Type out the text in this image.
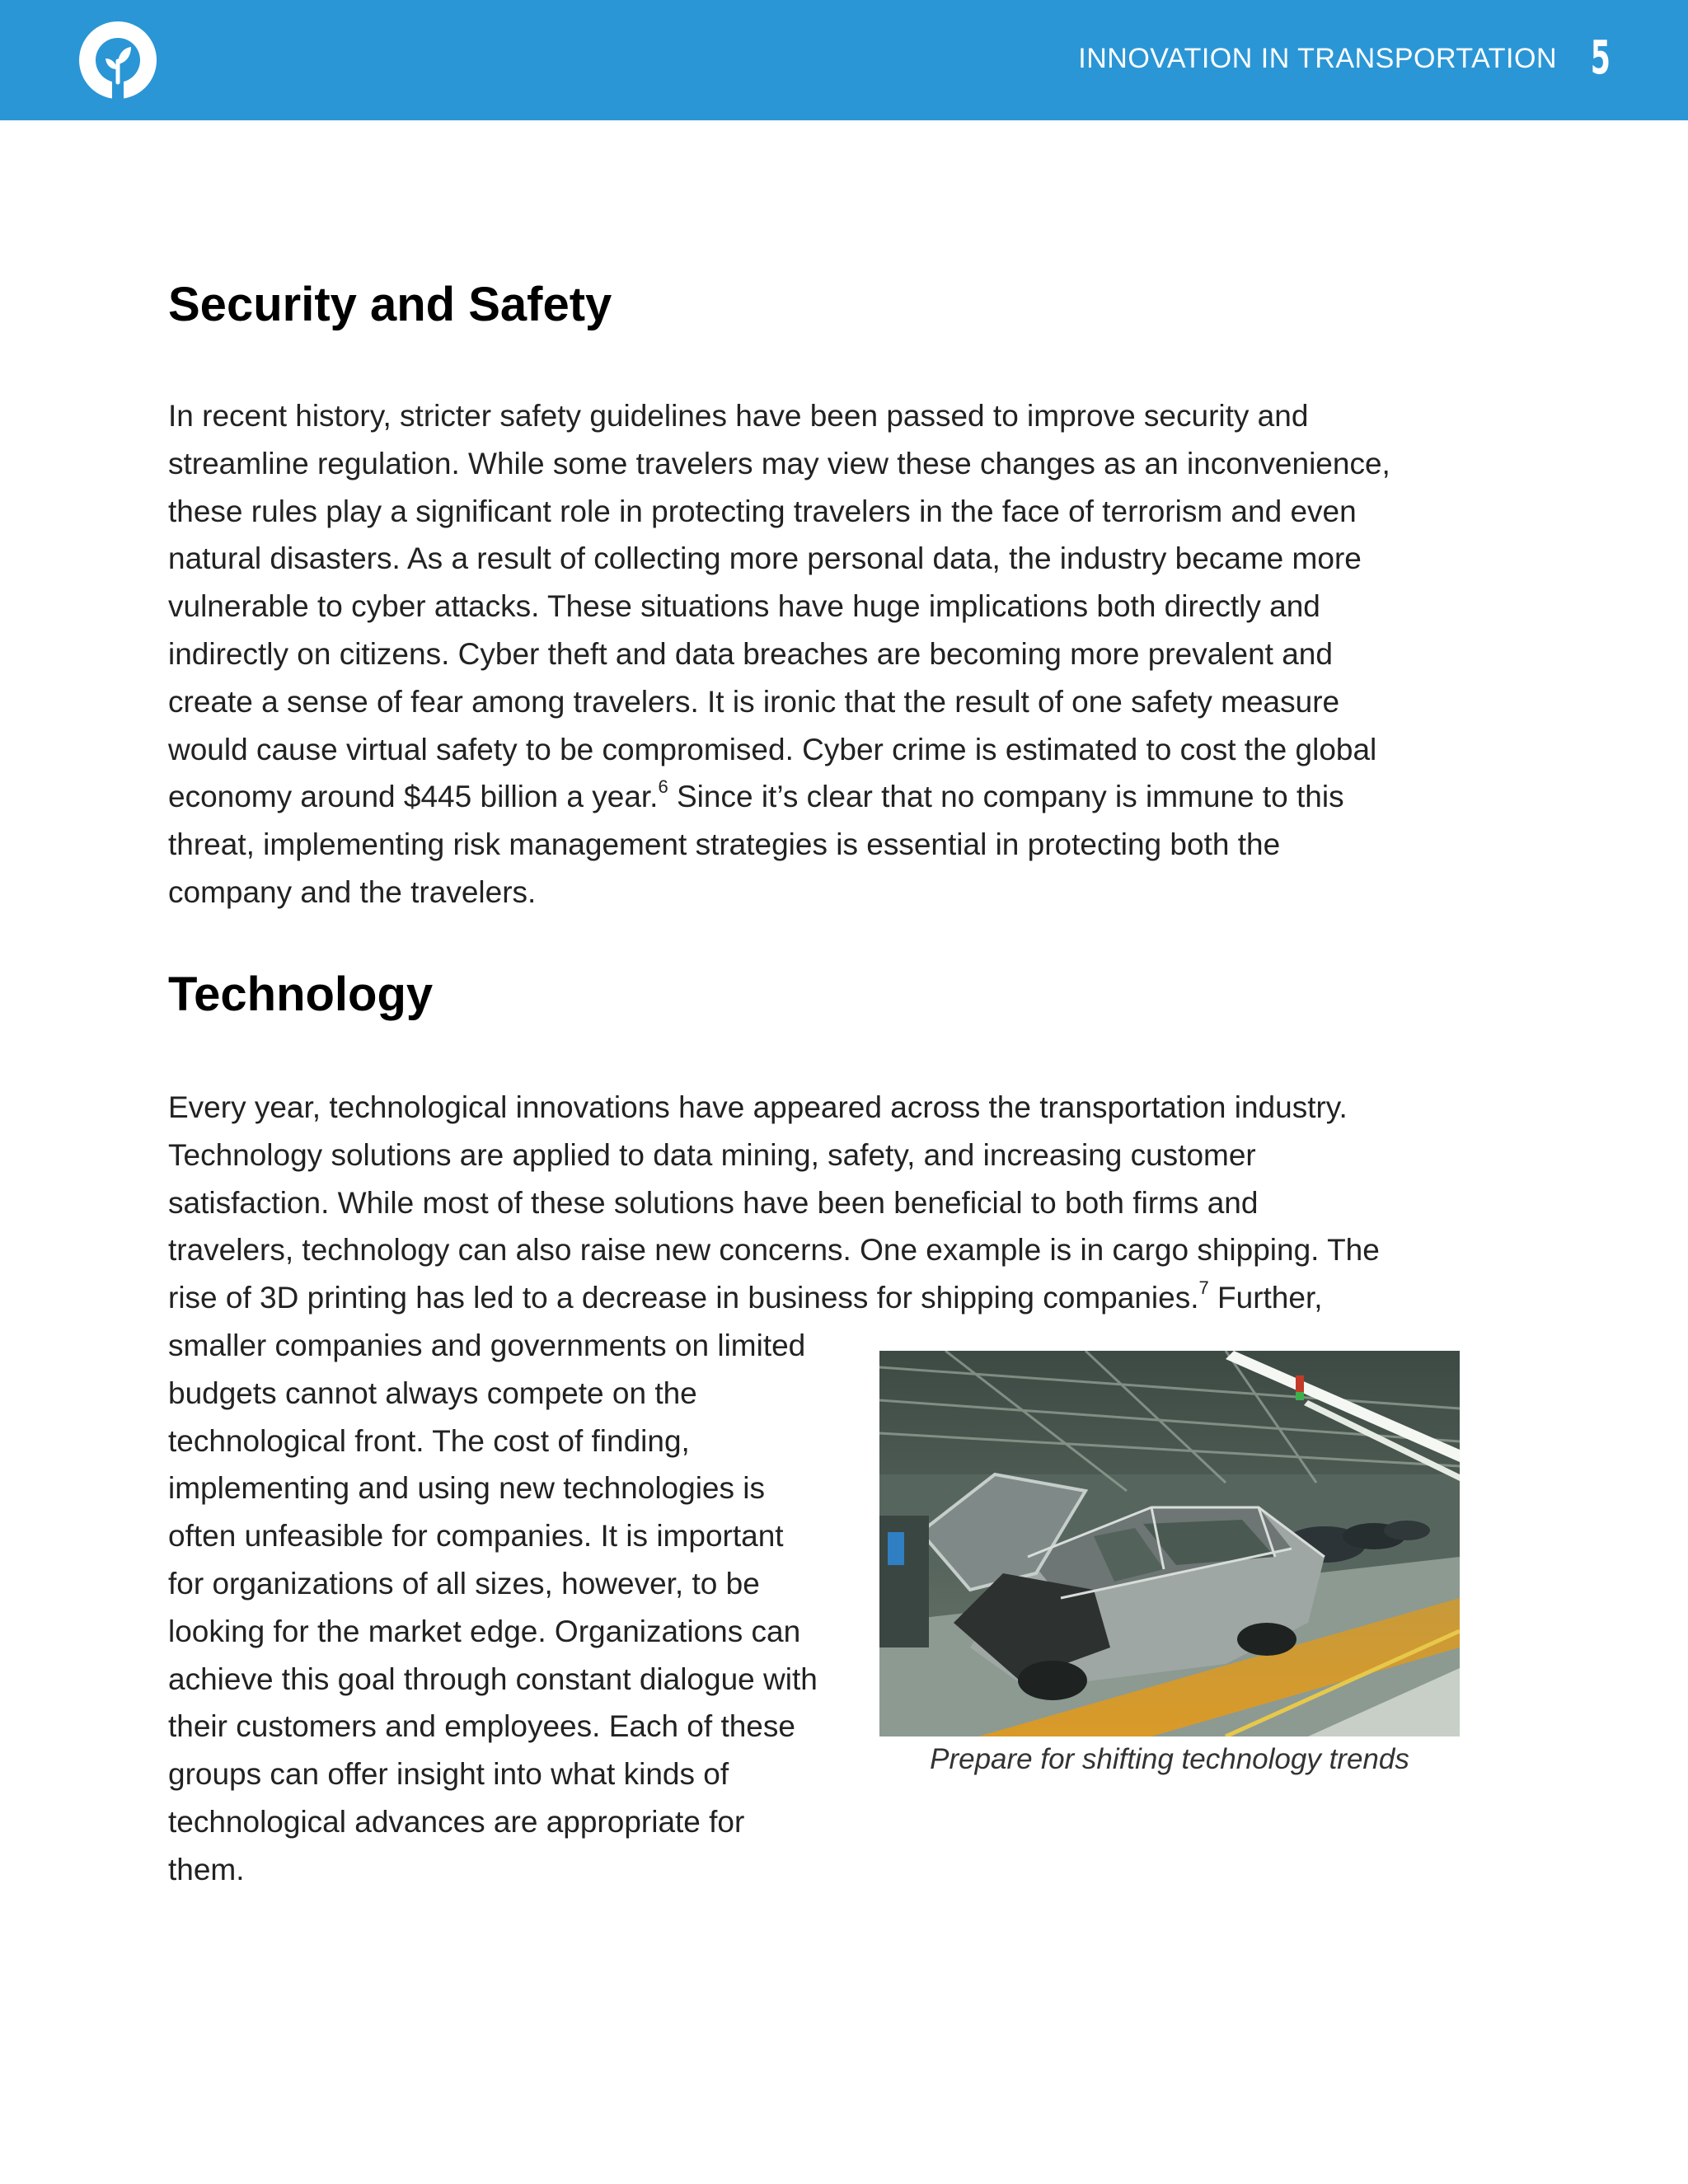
INNOVATION IN TRANSPORTATION 5
Security and Safety
In recent history, stricter safety guidelines have been passed to improve security and
streamline regulation. While some travelers may view these changes as an inconvenience,
these rules play a significant role in protecting travelers in the face of terrorism and even
natural disasters. As a result of collecting more personal data, the industry became more
vulnerable to cyber attacks. These situations have huge implications both directly and
indirectly on citizens. Cyber theft and data breaches are becoming more prevalent and
create a sense of fear among travelers. It is ironic that the result of one safety measure
would cause virtual safety to be compromised. Cyber crime is estimated to cost the global
economy around $445 billion a year.$^6$ Since it’s clear that no company is immune to this
threat, implementing risk management strategies is essential in protecting both the
company and the travelers.
Technology
Every year, technological innovations have appeared across the transportation industry.
Technology solutions are applied to data mining, safety, and increasing customer
satisfaction. While most of these solutions have been beneficial to both firms and
travelers, technology can also raise new concerns. One example is in cargo shipping. The
rise of 3D printing has led to a decrease in business for shipping companies.$^7$ Further,
smaller companies and governments on limited
budgets cannot always compete on the
technological front. The cost of finding,
implementing and using new technologies is
often unfeasible for companies. It is important
for organizations of all sizes, however, to be
looking for the market edge. Organizations can
achieve this goal through constant dialogue with
their customers and employees. Each of these
groups can offer insight into what kinds of
technological advances are appropriate for
them.
Prepare for shifting technology trends
